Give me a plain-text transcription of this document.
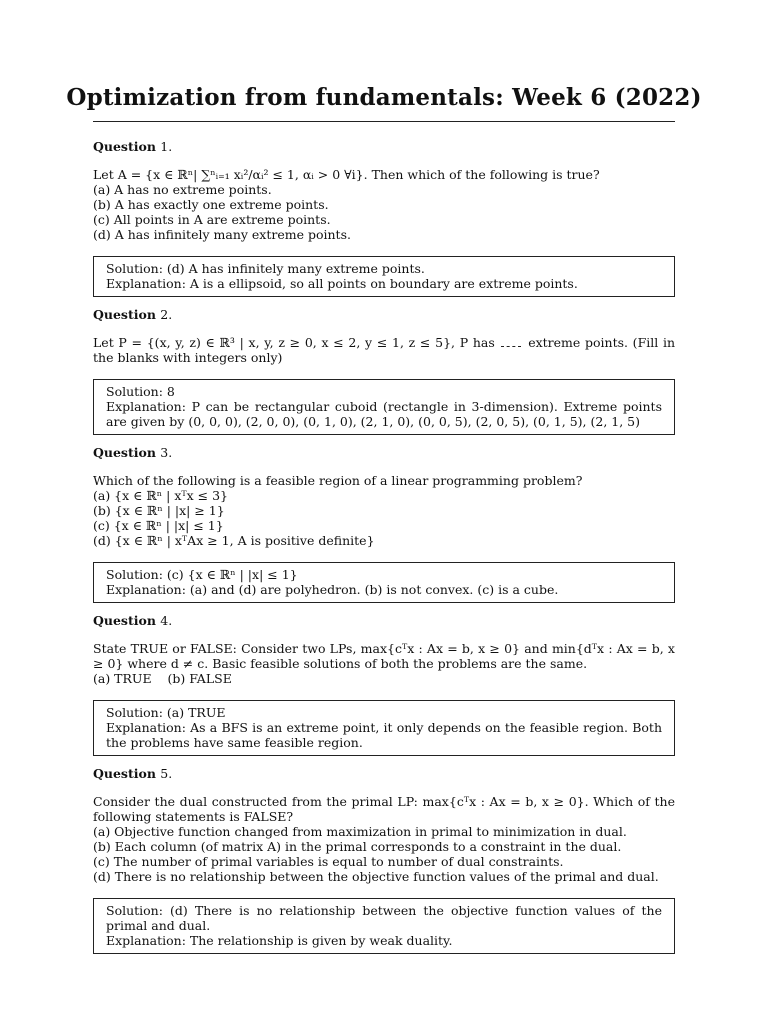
Optimization from fundamentals: Week 6 (2022)

Question 1.

Let A = {x ∈ ℝⁿ| ∑ⁿᵢ₌₁ xᵢ²/αᵢ² ≤ 1, αᵢ > 0 ∀i}. Then which of the following is true?

(a) A has no extreme points.

(b) A has exactly one extreme points.

(c) All points in A are extreme points.

(d) A has infinitely many extreme points.

Solution: (d) A has infinitely many extreme points.

Explanation: A is a ellipsoid, so all points on boundary are extreme points.

Question 2.

Let P = {(x, y, z) ∈ ℝ³ | x, y, z ≥ 0, x ≤ 2, y ≤ 1, z ≤ 5}, P has	extreme points. (Fill in the blanks with integers only)

Solution: 8

Explanation: P can be rectangular cuboid (rectangle in 3-dimension). Extreme points are given by (0, 0, 0), (2, 0, 0), (0, 1, 0), (2, 1, 0), (0, 0, 5), (2, 0, 5), (0, 1, 5), (2, 1, 5)

Question 3.

Which of the following is a feasible region of a linear programming problem?

(a) {x ∈ ℝⁿ | xᵀx ≤ 3}

(b) {x ∈ ℝⁿ | |x| ≥ 1}

(c) {x ∈ ℝⁿ | |x| ≤ 1}

(d) {x ∈ ℝⁿ | xᵀAx ≥ 1, A is positive definite}

Solution: (c) {x ∈ ℝⁿ | |x| ≤ 1}

Explanation: (a) and (d) are polyhedron. (b) is not convex. (c) is a cube.

Question 4.

State TRUE or FALSE: Consider two LPs, max{cᵀx : Ax = b, x ≥ 0} and min{dᵀx : Ax = b, x ≥ 0} where d ≠ c. Basic feasible solutions of both the problems are the same.

(a) TRUE    (b) FALSE

Solution: (a) TRUE

Explanation: As a BFS is an extreme point, it only depends on the feasible region. Both the problems have same feasible region.

Question 5.

Consider the dual constructed from the primal LP: max{cᵀx : Ax = b, x ≥ 0}. Which of the following statements is FALSE?

(a) Objective function changed from maximization in primal to minimization in dual.

(b) Each column (of matrix A) in the primal corresponds to a constraint in the dual.

(c) The number of primal variables is equal to number of dual constraints.

(d) There is no relationship between the objective function values of the primal and dual.

Solution: (d) There is no relationship between the objective function values of the primal and dual.

Explanation: The relationship is given by weak duality.
